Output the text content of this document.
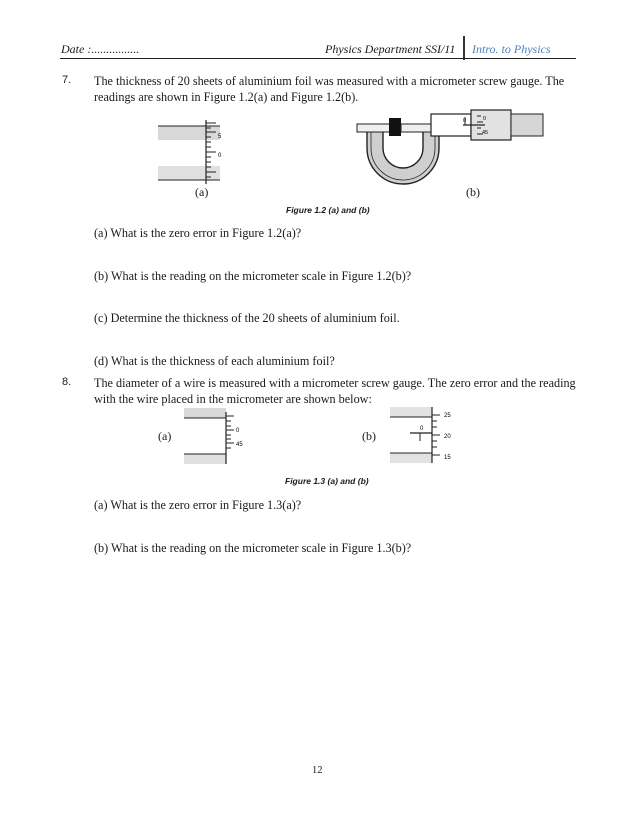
Date :................	Physics Department SSI/11 Intro. to Physics
7. The thickness of 20 sheets of aluminium foil was measured with a micrometer screw gauge. The readings are shown in Figure 1.2(a) and Figure 1.2(b).
5
0
(a)
0	0
45
(b)
Figure 1.2 (a) and (b)
(a) What is the zero error in Figure 1.2(a)?
(b) What is the reading on the micrometer scale in Figure 1.2(b)?
(c) Determine the thickness of the 20 sheets of aluminium foil.
(d) What is the thickness of each aluminium foil?
8. The diameter of a wire is measured with a micrometer screw gauge. The zero error and the reading with the wire placed in the micrometer are shown below:
(a)	0
45
(b)
25
0
20
15
Figure 1.3 (a) and (b)
(a) What is the zero error in Figure 1.3(a)?
(b) What is the reading on the micrometer scale in Figure 1.3(b)?
12
